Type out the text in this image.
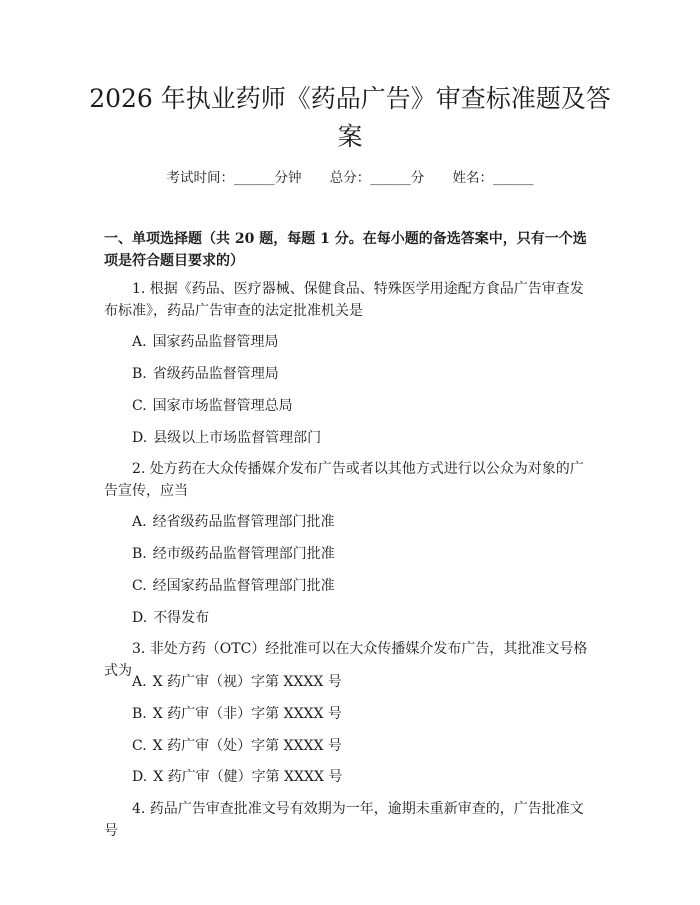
2026 年执业药师《药品广告》审查标准题及答案
考试时间：______分钟 总分：______分 姓名：______

一、单项选择题（共 20 题，每题 1 分。在每小题的备选答案中，只有一个选项是符合题目要求的）

1. 根据《药品、医疗器械、保健食品、特殊医学用途配方食品广告审查发布标准》，药品广告审查的法定批准机关是

A. 国家药品监督管理局

B. 省级药品监督管理局

C. 国家市场监督管理总局

D. 县级以上市场监督管理部门

2. 处方药在大众传播媒介发布广告或者以其他方式进行以公众为对象的广告宣传，应当

A. 经省级药品监督管理部门批准

B. 经市级药品监督管理部门批准

C. 经国家药品监督管理部门批准

D. 不得发布

3. 非处方药（OTC）经批准可以在大众传播媒介发布广告，其批准文号格式为

A. X 药广审（视）字第 XXXX 号

B. X 药广审（非）字第 XXXX 号

C. X 药广审（处）字第 XXXX 号

D. X 药广审（健）字第 XXXX 号

4. 药品广告审查批准文号有效期为一年，逾期未重新审查的，广告批准文号
